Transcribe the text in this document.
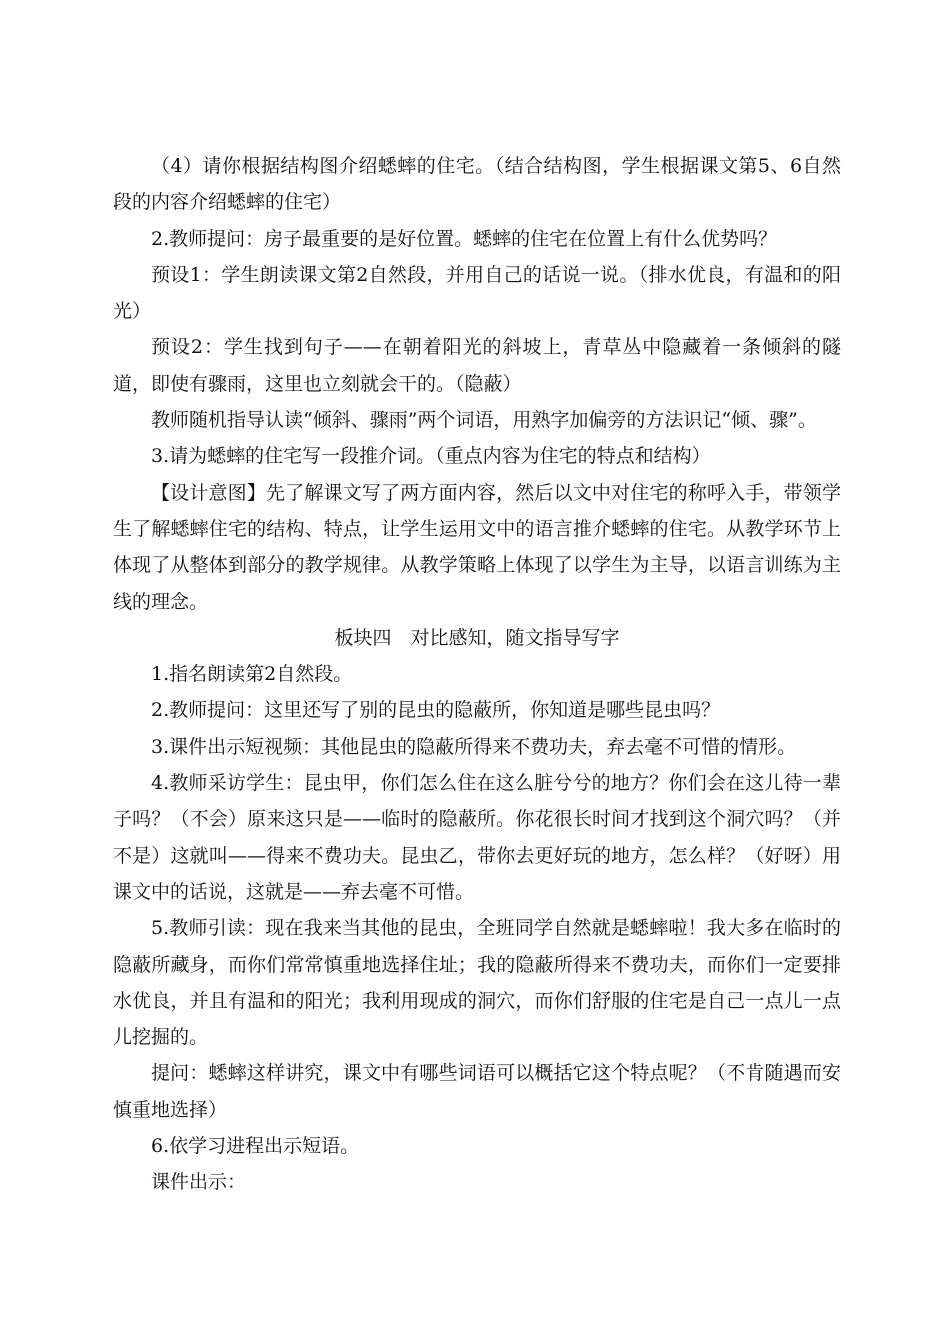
（4）请你根据结构图介绍蟋蟀的住宅。（结合结构图，学生根据课文第5、6自然段的内容介绍蟋蟀的住宅）

2.教师提问：房子最重要的是好位置。蟋蟀的住宅在位置上有什么优势吗？

预设1：学生朗读课文第2自然段，并用自己的话说一说。（排水优良，有温和的阳光）

预设2：学生找到句子——在朝着阳光的斜坡上，青草丛中隐藏着一条倾斜的隧道，即使有骤雨，这里也立刻就会干的。（隐蔽）

教师随机指导认读“倾斜、骤雨”两个词语，用熟字加偏旁的方法识记“倾、骤”。

3.请为蟋蟀的住宅写一段推介词。（重点内容为住宅的特点和结构）

【设计意图】先了解课文写了两方面内容，然后以文中对住宅的称呼入手，带领学生了解蟋蟀住宅的结构、特点，让学生运用文中的语言推介蟋蟀的住宅。从教学环节上体现了从整体到部分的教学规律。从教学策略上体现了以学生为主导，以语言训练为主线的理念。

板块四　对比感知，随文指导写字

1.指名朗读第2自然段。

2.教师提问：这里还写了别的昆虫的隐蔽所，你知道是哪些昆虫吗？

3.课件出示短视频：其他昆虫的隐蔽所得来不费功夫，弃去毫不可惜的情形。

4.教师采访学生：昆虫甲，你们怎么住在这么脏兮兮的地方？你们会在这儿待一辈子吗？（不会）原来这只是——临时的隐蔽所。你花很长时间才找到这个洞穴吗？（并不是）这就叫——得来不费功夫。昆虫乙，带你去更好玩的地方，怎么样？（好呀）用课文中的话说，这就是——弃去毫不可惜。

5.教师引读：现在我来当其他的昆虫，全班同学自然就是蟋蟀啦！我大多在临时的隐蔽所藏身，而你们常常慎重地选择住址；我的隐蔽所得来不费功夫，而你们一定要排水优良，并且有温和的阳光；我利用现成的洞穴，而你们舒服的住宅是自己一点儿一点儿挖掘的。

提问：蟋蟀这样讲究，课文中有哪些词语可以概括它这个特点呢？（不肯随遇而安慎重地选择）

6.依学习进程出示短语。

课件出示：
